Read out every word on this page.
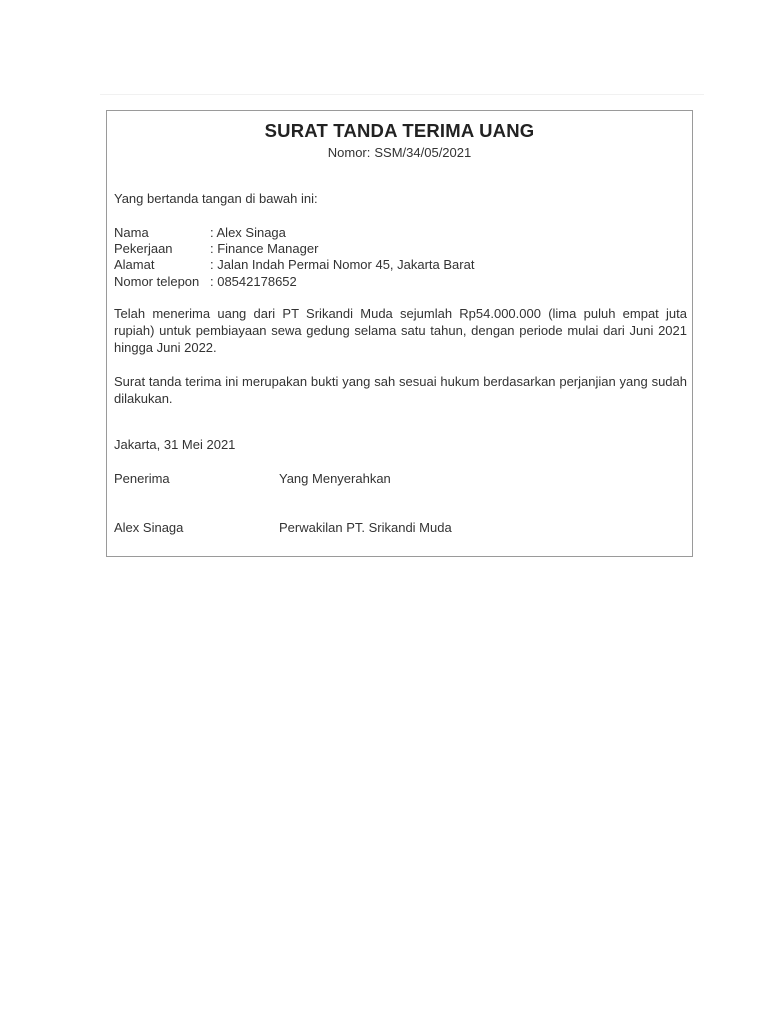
SURAT TANDA TERIMA UANG
Nomor: SSM/34/05/2021
Yang bertanda tangan di bawah ini:
Nama	: Alex Sinaga
Pekerjaan	: Finance Manager
Alamat	: Jalan Indah Permai Nomor 45, Jakarta Barat
Nomor telepon : 08542178652
Telah menerima uang dari PT Srikandi Muda sejumlah Rp54.000.000 (lima puluh empat juta rupiah) untuk pembiayaan sewa gedung selama satu tahun, dengan periode mulai dari Juni 2021 hingga Juni 2022.
Surat tanda terima ini merupakan bukti yang sah sesuai hukum berdasarkan perjanjian yang sudah dilakukan.
Jakarta, 31 Mei 2021
Penerima	Yang Menyerahkan
Alex Sinaga	Perwakilan PT. Srikandi Muda
